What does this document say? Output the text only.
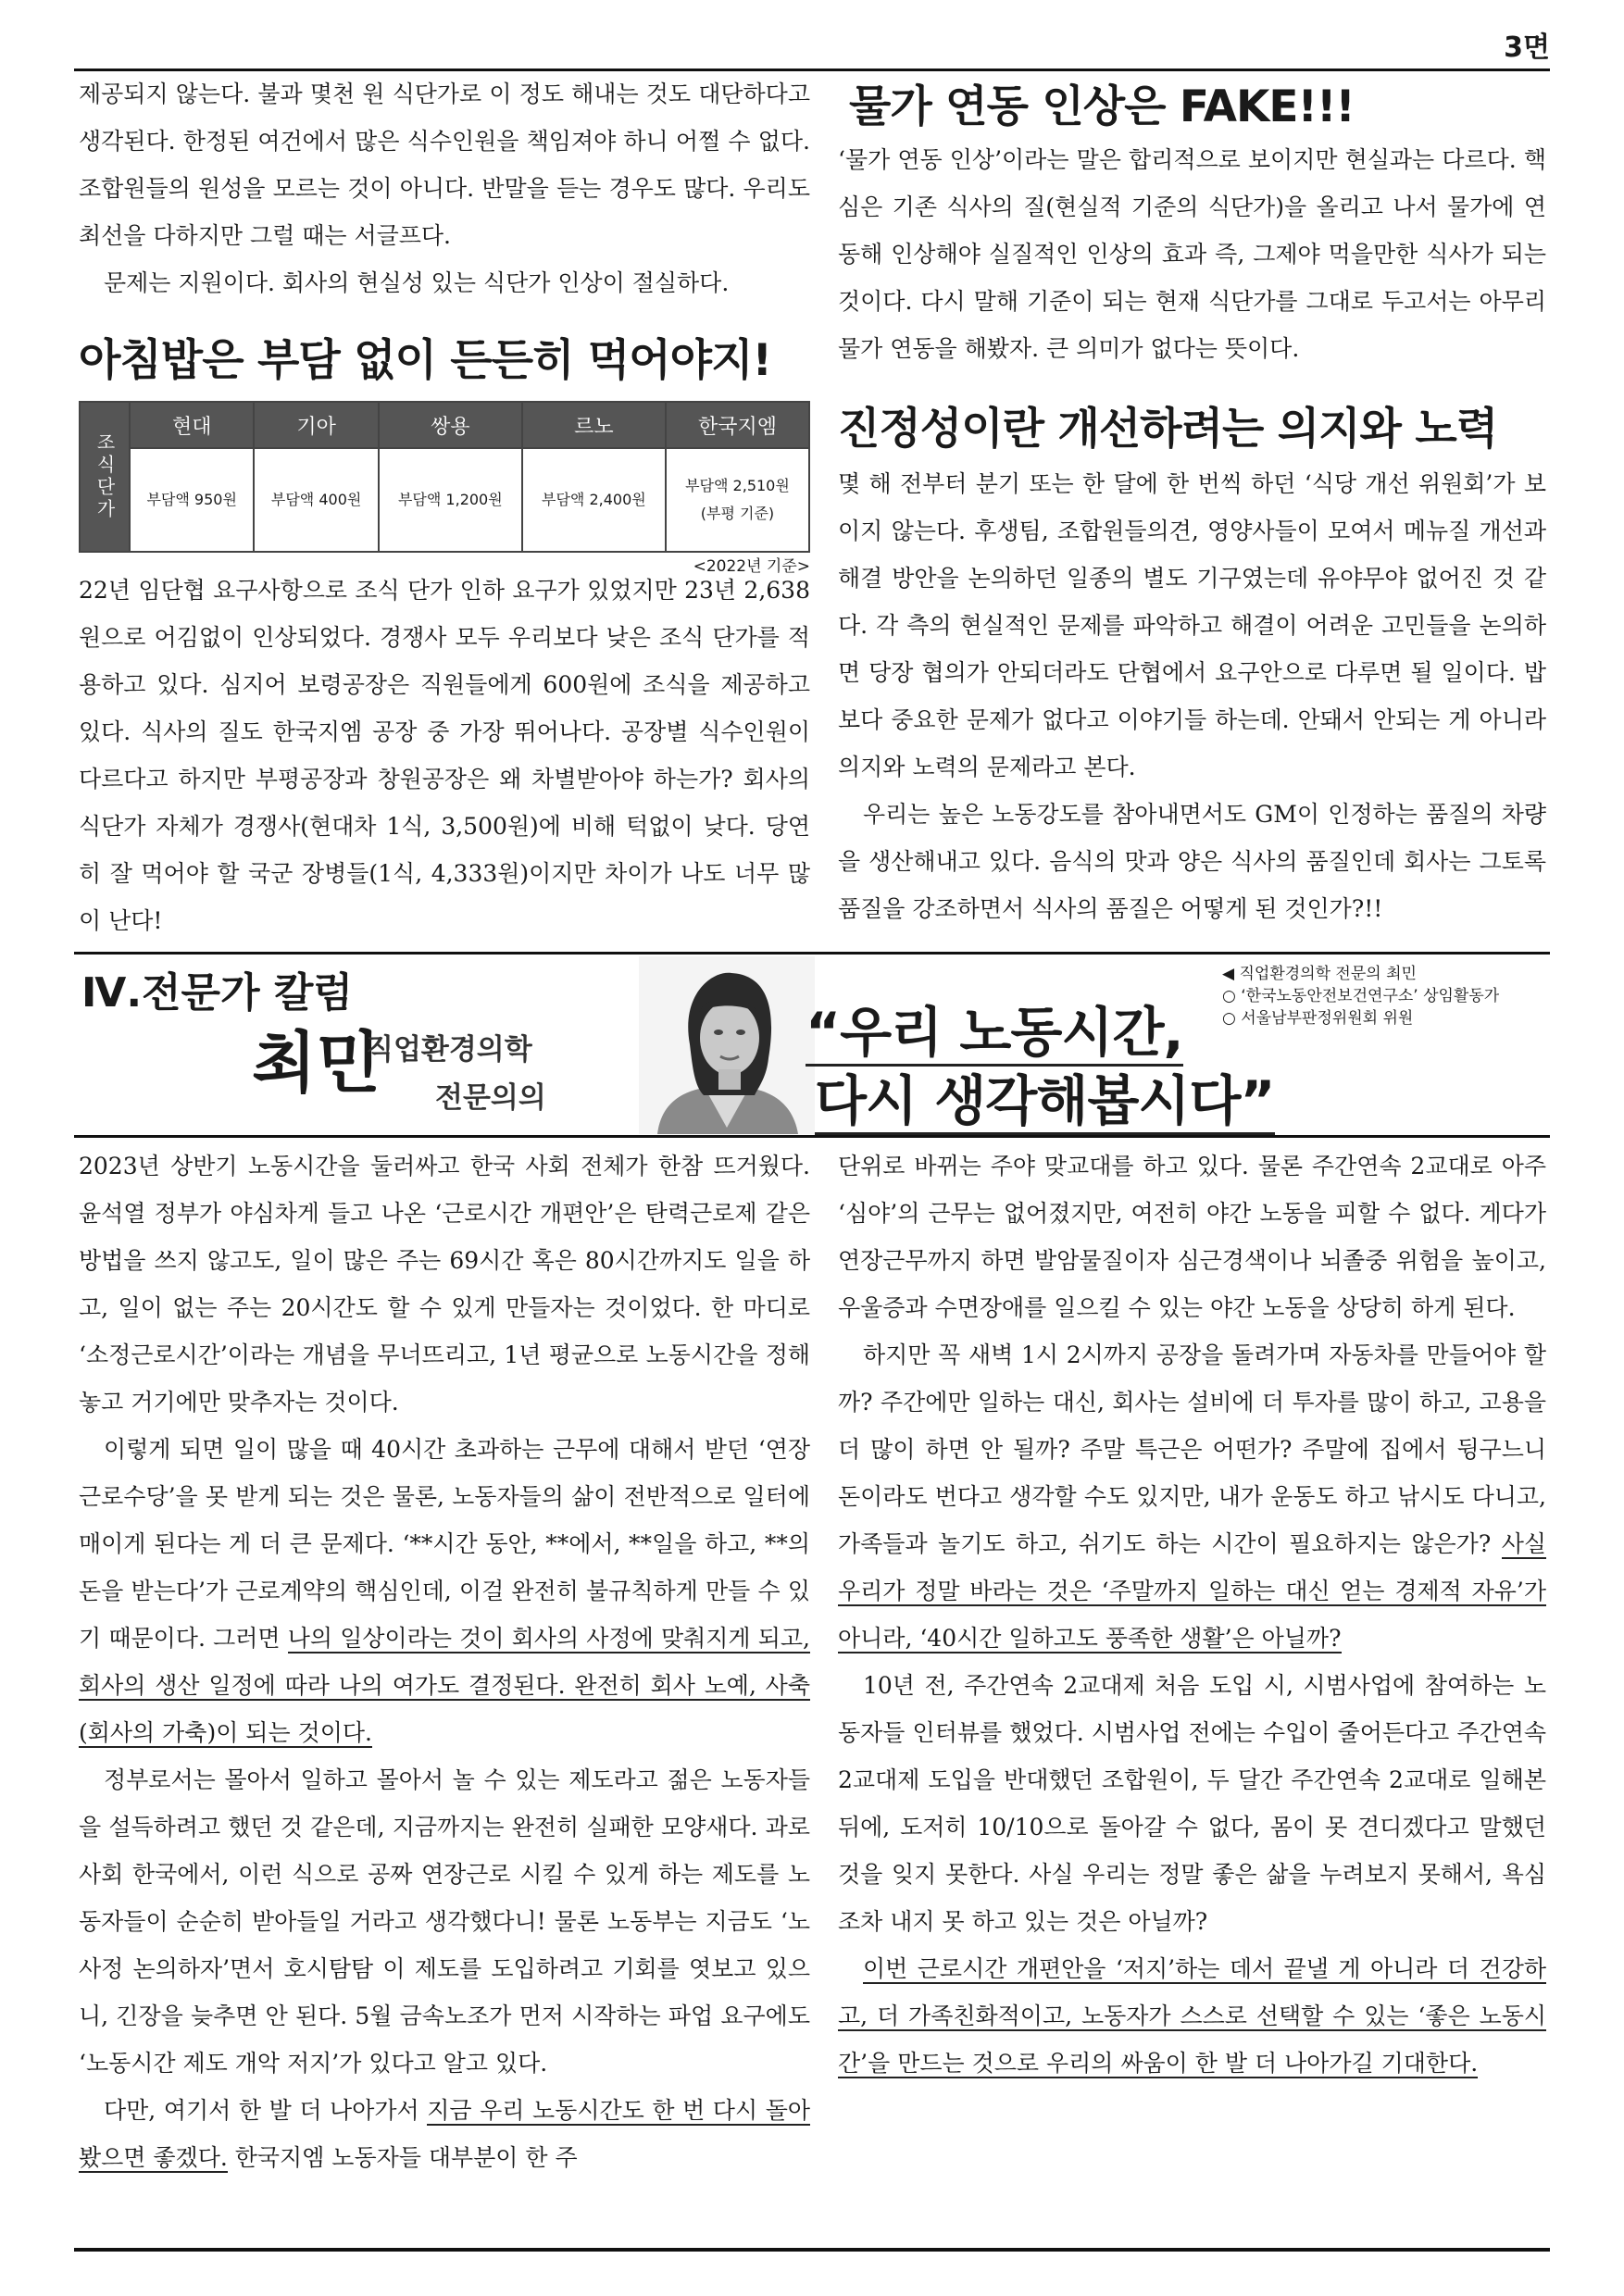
3면

제공되지 않는다. 불과 몇천 원 식단가로 이 정도 해내는 것도 대단하다고 생각된다. 한정된 여건에서 많은 식수인원을 책임져야 하니 어쩔 수 없다. 조합원들의 원성을 모르는 것이 아니다. 반말을 듣는 경우도 많다. 우리도 최선을 다하지만 그럴 때는 서글프다.

문제는 지원이다. 회사의 현실성 있는 식단가 인상이 절실하다.

아침밥은 부담 없이 든든히 먹어야지!
조식단가	현대	기아	쌍용	르노	한국지엠
	부담액 950원	부담액 400원	부담액 1,200원	부담액 2,400원	부담액 2,510원
(부평 기준)
<2022년 기준>

22년 임단협 요구사항으로 조식 단가 인하 요구가 있었지만 23년 2,638원으로 어김없이 인상되었다. 경쟁사 모두 우리보다 낮은 조식 단가를 적용하고 있다. 심지어 보령공장은 직원들에게 600원에 조식을 제공하고 있다. 식사의 질도 한국지엠 공장 중 가장 뛰어나다. 공장별 식수인원이 다르다고 하지만 부평공장과 창원공장은 왜 차별받아야 하는가? 회사의 식단가 자체가 경쟁사(현대차 1식, 3,500원)에 비해 턱없이 낮다. 당연히 잘 먹어야 할 국군 장병들(1식, 4,333원)이지만 차이가 나도 너무 많이 난다!

물가 연동 인상은 FAKE!!!

‘물가 연동 인상’이라는 말은 합리적으로 보이지만 현실과는 다르다. 핵심은 기존 식사의 질(현실적 기준의 식단가)을 올리고 나서 물가에 연동해 인상해야 실질적인 인상의 효과 즉, 그제야 먹을만한 식사가 되는 것이다. 다시 말해 기준이 되는 현재 식단가를 그대로 두고서는 아무리 물가 연동을 해봤자. 큰 의미가 없다는 뜻이다.

진정성이란 개선하려는 의지와 노력

몇 해 전부터 분기 또는 한 달에 한 번씩 하던 ‘식당 개선 위원회’가 보이지 않는다. 후생팀, 조합원들의견, 영양사들이 모여서 메뉴질 개선과 해결 방안을 논의하던 일종의 별도 기구였는데 유야무야 없어진 것 같다. 각 측의 현실적인 문제를 파악하고 해결이 어려운 고민들을 논의하면 당장 협의가 안되더라도 단협에서 요구안으로 다루면 될 일이다. 밥보다 중요한 문제가 없다고 이야기들 하는데. 안돼서 안되는 게 아니라 의지와 노력의 문제라고 본다.

우리는 높은 노동강도를 참아내면서도 GM이 인정하는 품질의 차량을 생산해내고 있다. 음식의 맛과 양은 식사의 품질인데 회사는 그토록 품질을 강조하면서 식사의 품질은 어떻게 된 것인가?!!

Ⅳ.전문가 칼럼
최민
직업환경의학
전문의의
“우리 노동시간,
다시 생각해봅시다”
◀ 직업환경의학 전문의 최민
○ ‘한국노동안전보건연구소’ 상임활동가
○ 서울남부판정위원회 위원

2023년 상반기 노동시간을 둘러싸고 한국 사회 전체가 한참 뜨거웠다. 윤석열 정부가 야심차게 들고 나온 ‘근로시간 개편안’은 탄력근로제 같은 방법을 쓰지 않고도, 일이 많은 주는 69시간 혹은 80시간까지도 일을 하고, 일이 없는 주는 20시간도 할 수 있게 만들자는 것이었다. 한 마디로 ‘소정근로시간’이라는 개념을 무너뜨리고, 1년 평균으로 노동시간을 정해놓고 거기에만 맞추자는 것이다.

이렇게 되면 일이 많을 때 40시간 초과하는 근무에 대해서 받던 ‘연장근로수당’을 못 받게 되는 것은 물론, 노동자들의 삶이 전반적으로 일터에 매이게 된다는 게 더 큰 문제다. ‘**시간 동안, **에서, **일을 하고, **의 돈을 받는다’가 근로계약의 핵심인데, 이걸 완전히 불규칙하게 만들 수 있기 때문이다. 그러면 나의 일상이라는 것이 회사의 사정에 맞춰지게 되고, 회사의 생산 일정에 따라 나의 여가도 결정된다. 완전히 회사 노예, 사축(회사의 가축)이 되는 것이다.

정부로서는 몰아서 일하고 몰아서 놀 수 있는 제도라고 젊은 노동자들을 설득하려고 했던 것 같은데, 지금까지는 완전히 실패한 모양새다. 과로 사회 한국에서, 이런 식으로 공짜 연장근로 시킬 수 있게 하는 제도를 노동자들이 순순히 받아들일 거라고 생각했다니! 물론 노동부는 지금도 ‘노사정 논의하자’면서 호시탐탐 이 제도를 도입하려고 기회를 엿보고 있으니, 긴장을 늦추면 안 된다. 5월 금속노조가 먼저 시작하는 파업 요구에도 ‘노동시간 제도 개악 저지’가 있다고 알고 있다.

다만, 여기서 한 발 더 나아가서 지금 우리 노동시간도 한 번 다시 돌아봤으면 좋겠다. 한국지엠 노동자들 대부분이 한 주

단위로 바뀌는 주야 맞교대를 하고 있다. 물론 주간연속 2교대로 아주 ‘심야’의 근무는 없어졌지만, 여전히 야간 노동을 피할 수 없다. 게다가 연장근무까지 하면 발암물질이자 심근경색이나 뇌졸중 위험을 높이고, 우울증과 수면장애를 일으킬 수 있는 야간 노동을 상당히 하게 된다.

하지만 꼭 새벽 1시 2시까지 공장을 돌려가며 자동차를 만들어야 할까? 주간에만 일하는 대신, 회사는 설비에 더 투자를 많이 하고, 고용을 더 많이 하면 안 될까? 주말 특근은 어떤가? 주말에 집에서 뒹구느니 돈이라도 번다고 생각할 수도 있지만, 내가 운동도 하고 낚시도 다니고, 가족들과 놀기도 하고, 쉬기도 하는 시간이 필요하지는 않은가? 사실 우리가 정말 바라는 것은 ‘주말까지 일하는 대신 얻는 경제적 자유’가 아니라, ‘40시간 일하고도 풍족한 생활’은 아닐까?

10년 전, 주간연속 2교대제 처음 도입 시, 시범사업에 참여하는 노동자들 인터뷰를 했었다. 시범사업 전에는 수입이 줄어든다고 주간연속 2교대제 도입을 반대했던 조합원이, 두 달간 주간연속 2교대로 일해본 뒤에, 도저히 10/10으로 돌아갈 수 없다, 몸이 못 견디겠다고 말했던 것을 잊지 못한다. 사실 우리는 정말 좋은 삶을 누려보지 못해서, 욕심조차 내지 못 하고 있는 것은 아닐까?

이번 근로시간 개편안을 ‘저지’하는 데서 끝낼 게 아니라 더 건강하고, 더 가족친화적이고, 노동자가 스스로 선택할 수 있는 ‘좋은 노동시간’을 만드는 것으로 우리의 싸움이 한 발 더 나아가길 기대한다.
